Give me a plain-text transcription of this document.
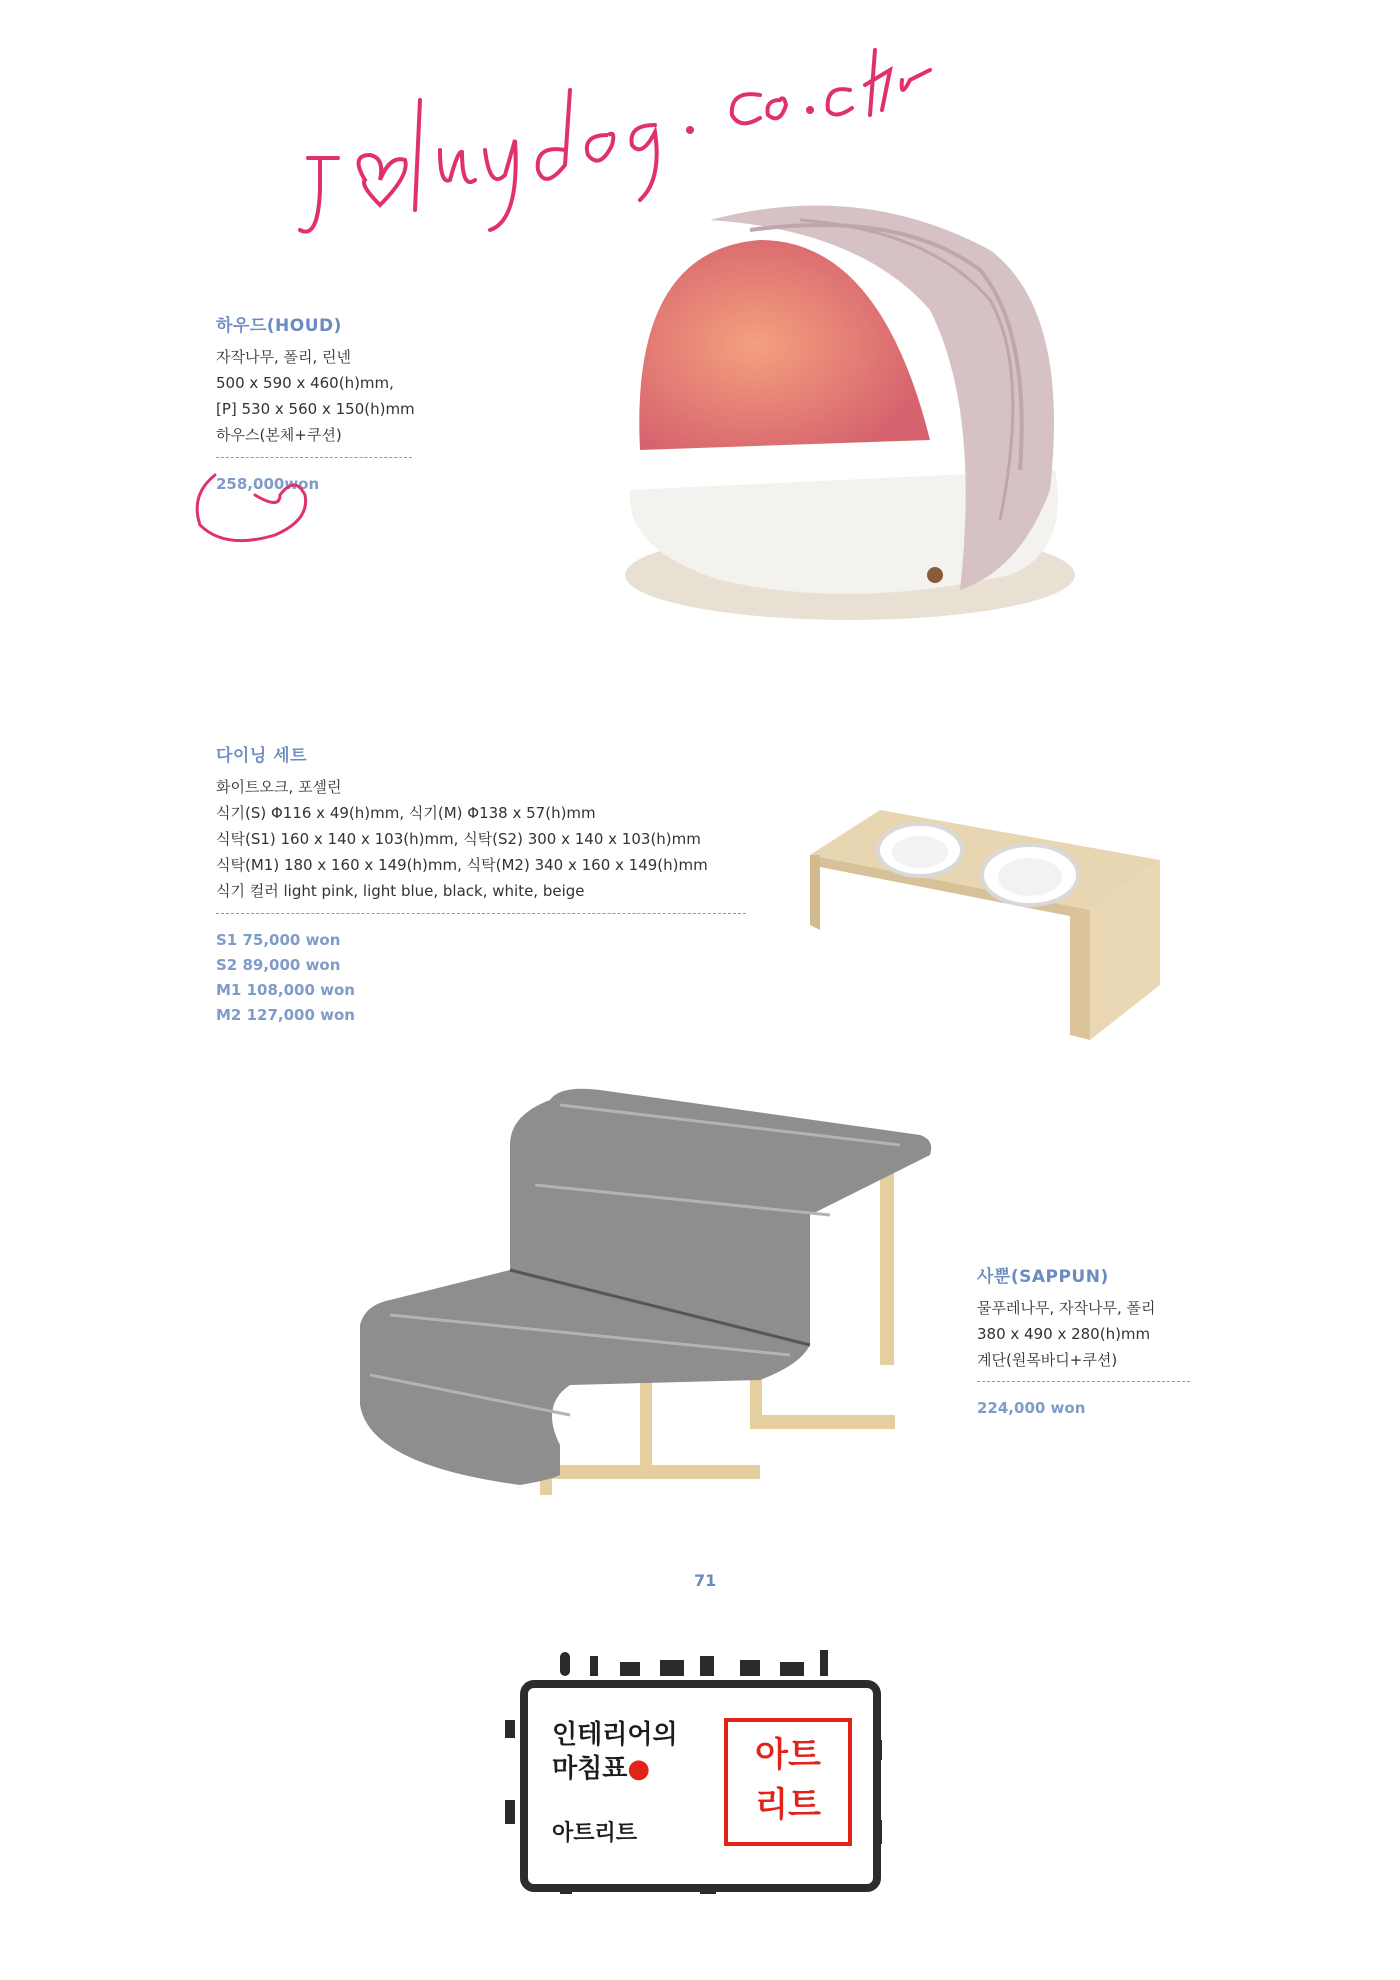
하우드(HOUD)
자작나무, 폴리, 린넨
500 x 590 x 460(h)mm,
[P] 530 x 560 x 150(h)mm
하우스(본체+쿠션)
258,000won
다이닝 세트
화이트오크, 포셀린
식기(S) Φ116 x 49(h)mm, 식기(M) Φ138 x 57(h)mm
식탁(S1) 160 x 140 x 103(h)mm, 식탁(S2) 300 x 140 x 103(h)mm
식탁(M1) 180 x 160 x 149(h)mm, 식탁(M2) 340 x 160 x 149(h)mm
식기 컬러 light pink, light blue, black, white, beige
S1 75,000 won
S2 89,000 won
M1 108,000 won
M2 127,000 won
사뿐(SAPPUN)
물푸레나무, 자작나무, 폴리
380 x 490 x 280(h)mm
계단(원목바디+쿠션)
224,000 won
71
인테리어의
마침표●
아트리트
아트
리트
